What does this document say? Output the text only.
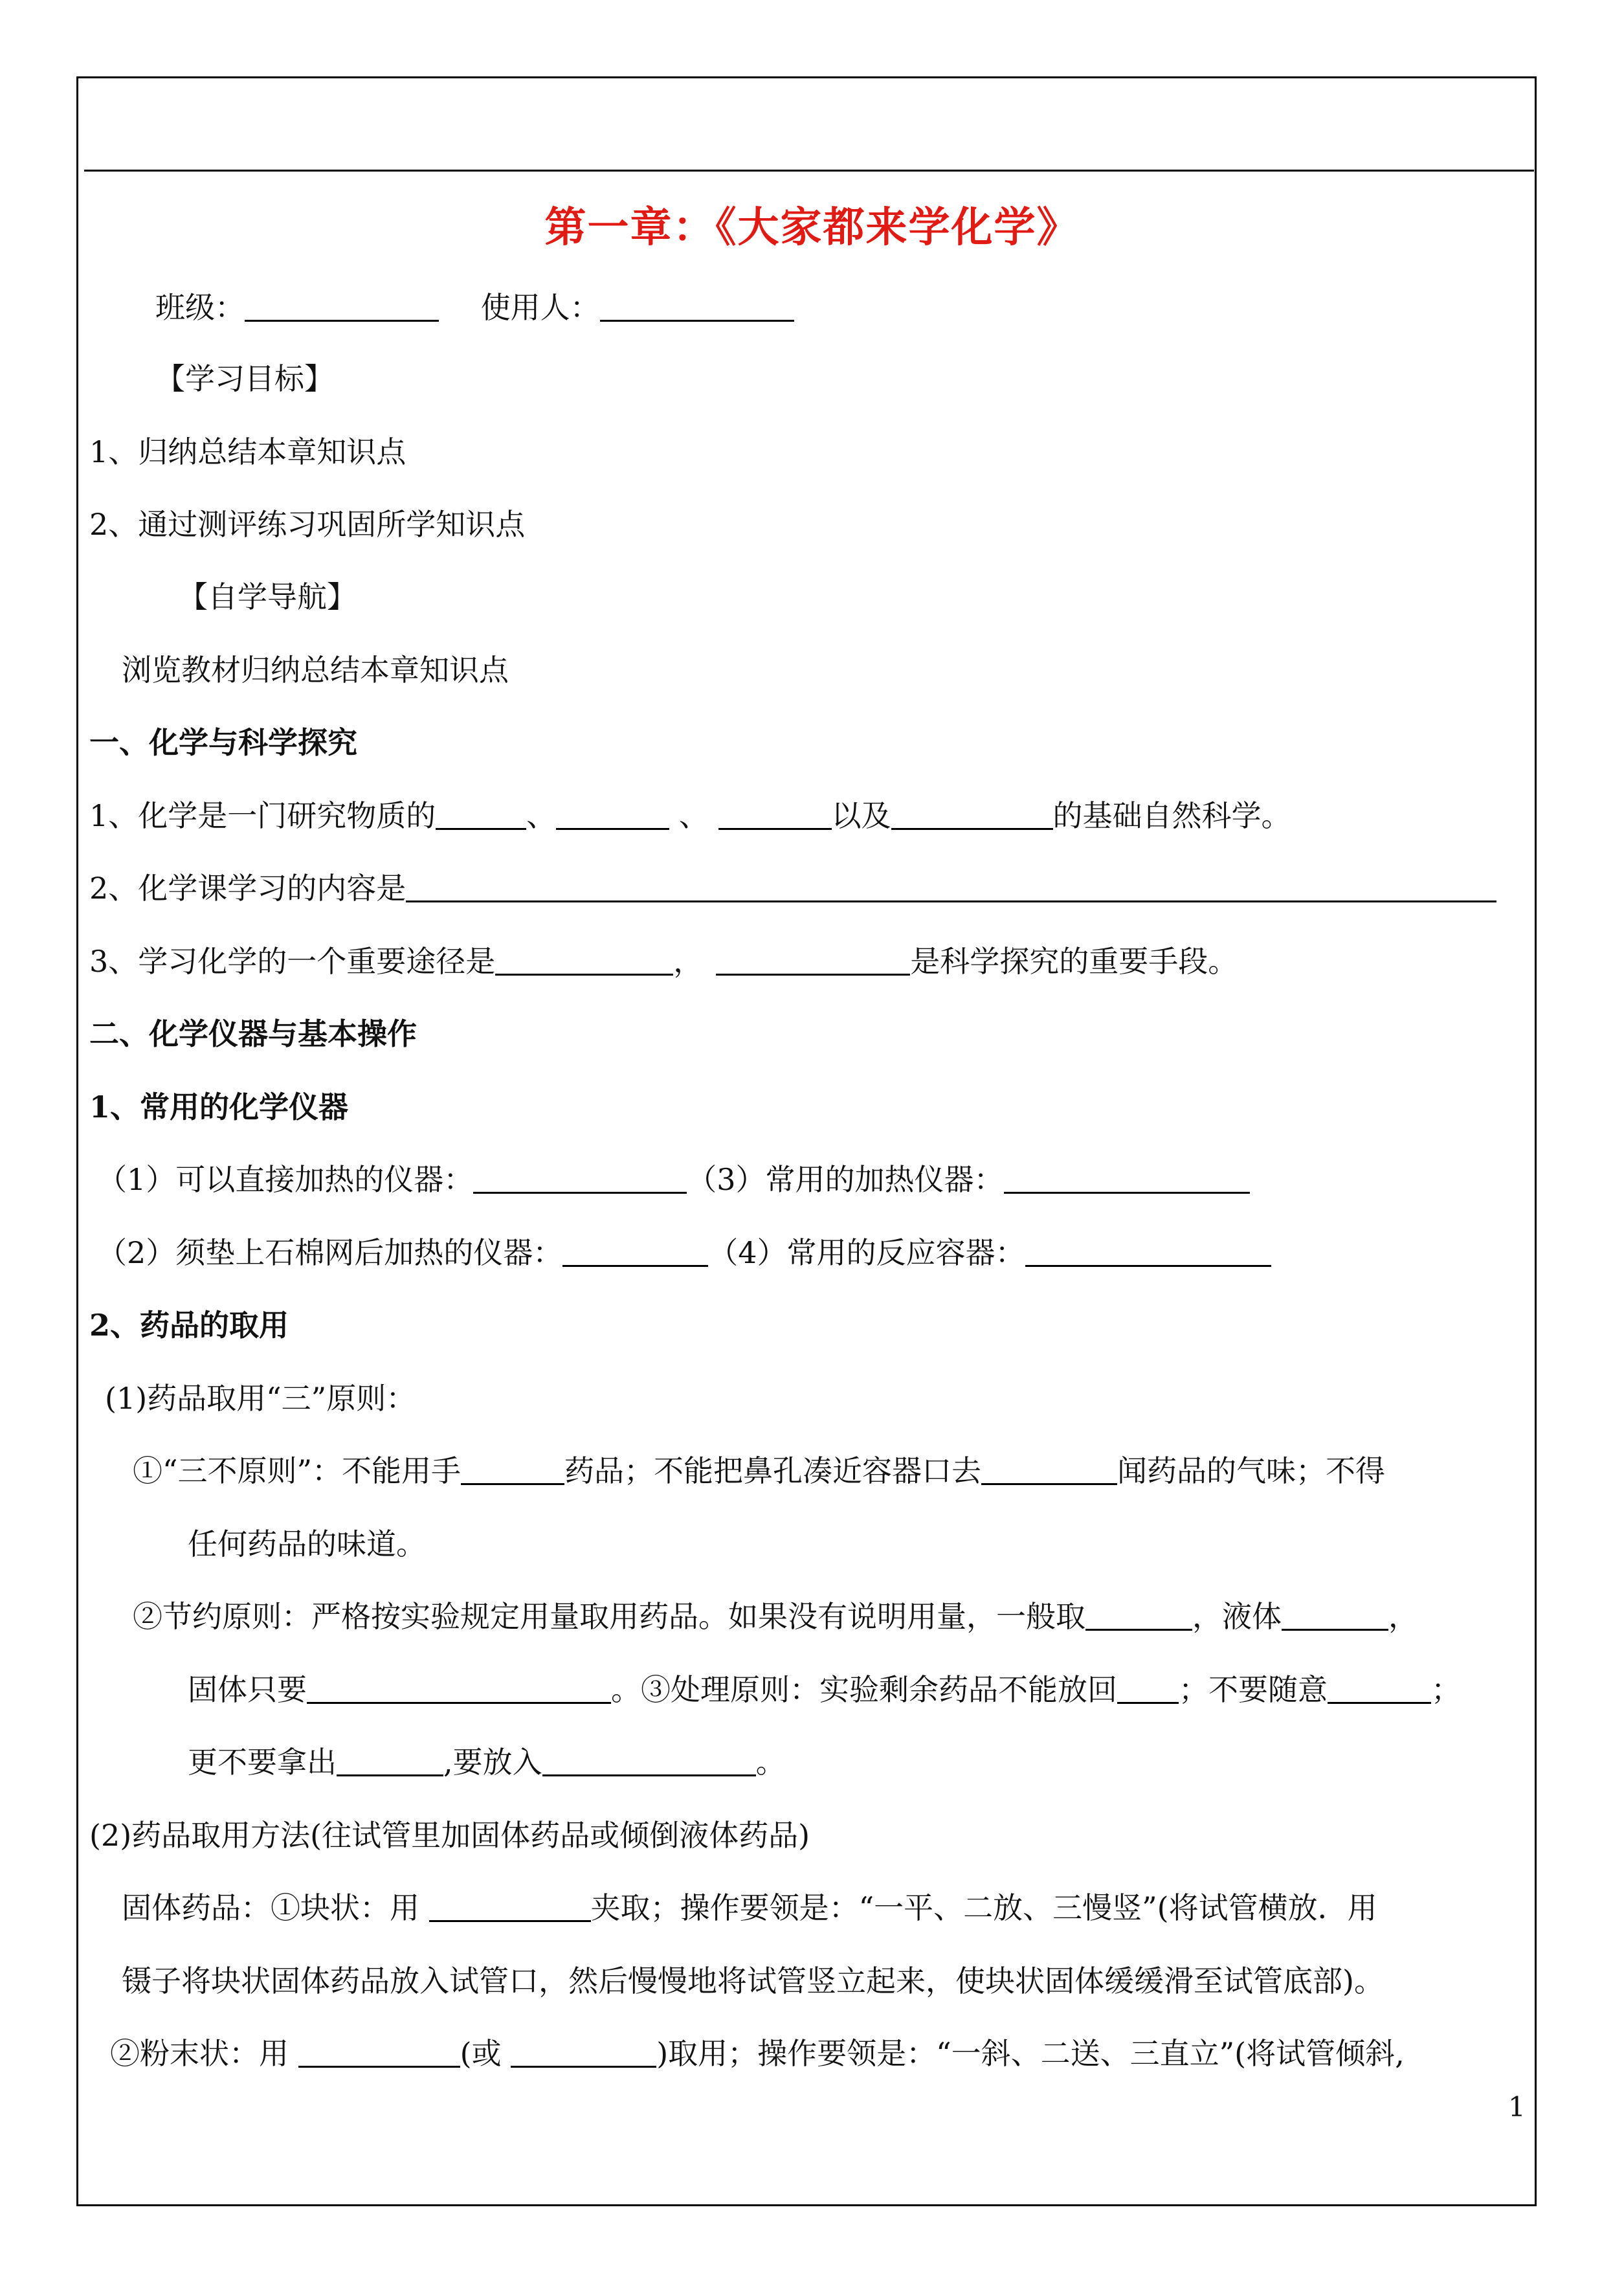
第一章：《大家都来学化学》
班级：	使用人：
【学习目标】
1、归纳总结本章知识点
2、通过测评练习巩固所学知识点
【自学导航】
浏览教材归纳总结本章知识点
一、化学与科学探究
1、化学是一门研究物质的	、	、	以及	的基础自然科学。
2、化学课学习的内容是
3、学习化学的一个重要途径是	，	是科学探究的重要手段。
二、化学仪器与基本操作
1、常用的化学仪器
（1）可以直接加热的仪器：	（3）常用的加热仪器：
（2）须垫上石棉网后加热的仪器：	（4）常用的反应容器：
2、药品的取用
(1)药品取用“三”原则：
①“三不原则”：不能用手	药品；不能把鼻孔凑近容器口去	闻药品的气味；不得
任何药品的味道。
②节约原则：严格按实验规定用量取用药品。如果没有说明用量，一般取	，液体	，
固体只要	。③处理原则：实验剩余药品不能放回 ；不要随意	；
更不要拿出	,要放入	。
(2)药品取用方法(往试管里加固体药品或倾倒液体药品)
固体药品：①块状：用	夹取；操作要领是：“一平、二放、三慢竖”(将试管横放．用
镊子将块状固体药品放入试管口，然后慢慢地将试管竖立起来，使块状固体缓缓滑至试管底部)。
②粉末状：用	(或	)取用；操作要领是：“一斜、二送、三直立”(将试管倾斜,
1
